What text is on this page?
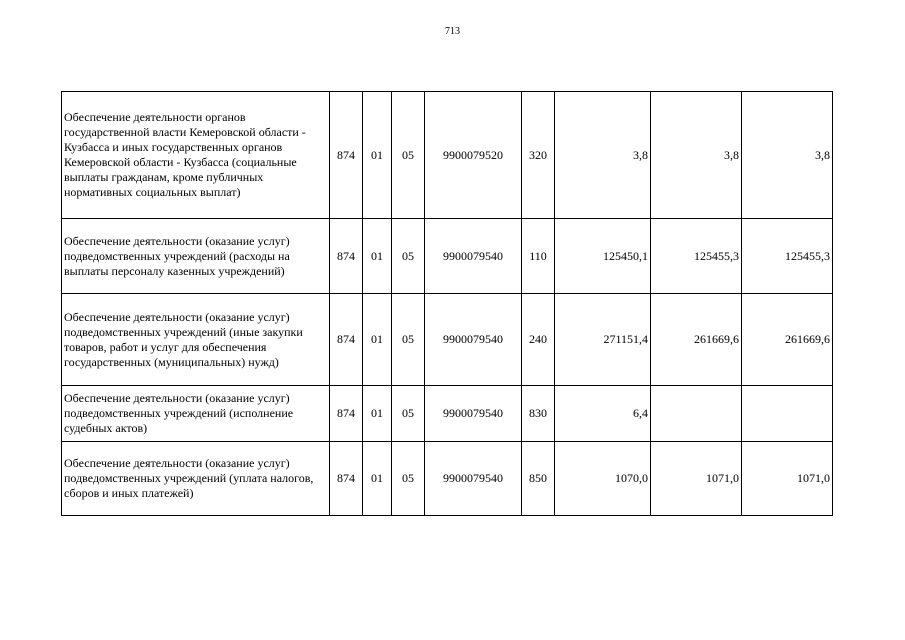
713
Обеспечение деятельности органов государственной власти Кемеровской области - Кузбасса и иных государственных органов Кемеровской области - Кузбасса (социальные выплаты гражданам, кроме публичных нормативных социальных выплат)	874	01	05	9900079520	320	3,8	3,8	3,8
Обеспечение деятельности (оказание услуг) подведомственных учреждений (расходы на выплаты персоналу казенных учреждений)	874	01	05	9900079540	110	125450,1	125455,3	125455,3
Обеспечение деятельности (оказание услуг) подведомственных учреждений (иные закупки товаров, работ и услуг для обеспечения государственных (муниципальных) нужд)	874	01	05	9900079540	240	271151,4	261669,6	261669,6
Обеспечение деятельности (оказание услуг) подведомственных учреждений (исполнение судебных актов)	874	01	05	9900079540	830	6,4		
Обеспечение деятельности (оказание услуг) подведомственных учреждений (уплата налогов, сборов и иных платежей)	874	01	05	9900079540	850	1070,0	1071,0	1071,0
